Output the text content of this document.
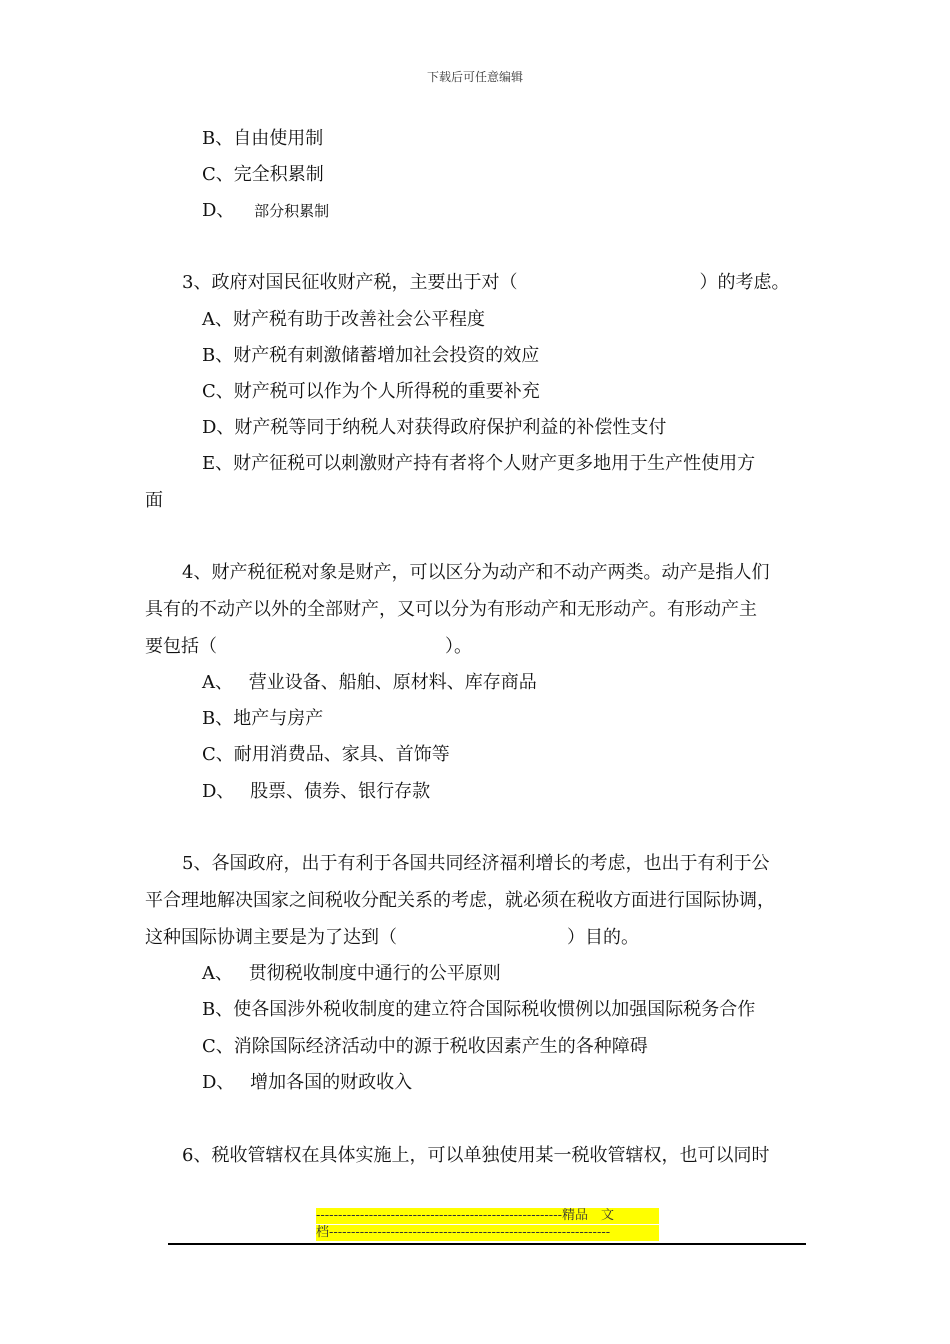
下载后可任意编辑
B、自由使用制
C、完全积累制
D、 部分积累制
3、政府对国民征收财产税，主要出于对（	）的考虑。
A、财产税有助于改善社会公平程度
B、财产税有刺激储蓄增加社会投资的效应
C、财产税可以作为个人所得税的重要补充
D、财产税等同于纳税人对获得政府保护利益的补偿性支付
E、财产征税可以刺激财产持有者将个人财产更多地用于生产性使用方
面
4、财产税征税对象是财产，可以区分为动产和不动产两类。动产是指人们
具有的不动产以外的全部财产，又可以分为有形动产和无形动产。有形动产主
要包括（	）。
A、 营业设备、船舶、原材料、库存商品
B、地产与房产
C、耐用消费品、家具、首饰等
D、 股票、债券、银行存款
5、各国政府，出于有利于各国共同经济福利增长的考虑，也出于有利于公
平合理地解决国家之间税收分配关系的考虑，就必须在税收方面进行国际协调，
这种国际协调主要是为了达到（	）目的。
A、 贯彻税收制度中通行的公平原则
B、使各国涉外税收制度的建立符合国际税收惯例以加强国际税务合作
C、消除国际经济活动中的源于税收因素产生的各种障碍
D、 增加各国的财政收入
6、税收管辖权在具体实施上，可以单独使用某一税收管辖权，也可以同时
--------------------------------------------------------精品　文
档----------------------------------------------------------------
